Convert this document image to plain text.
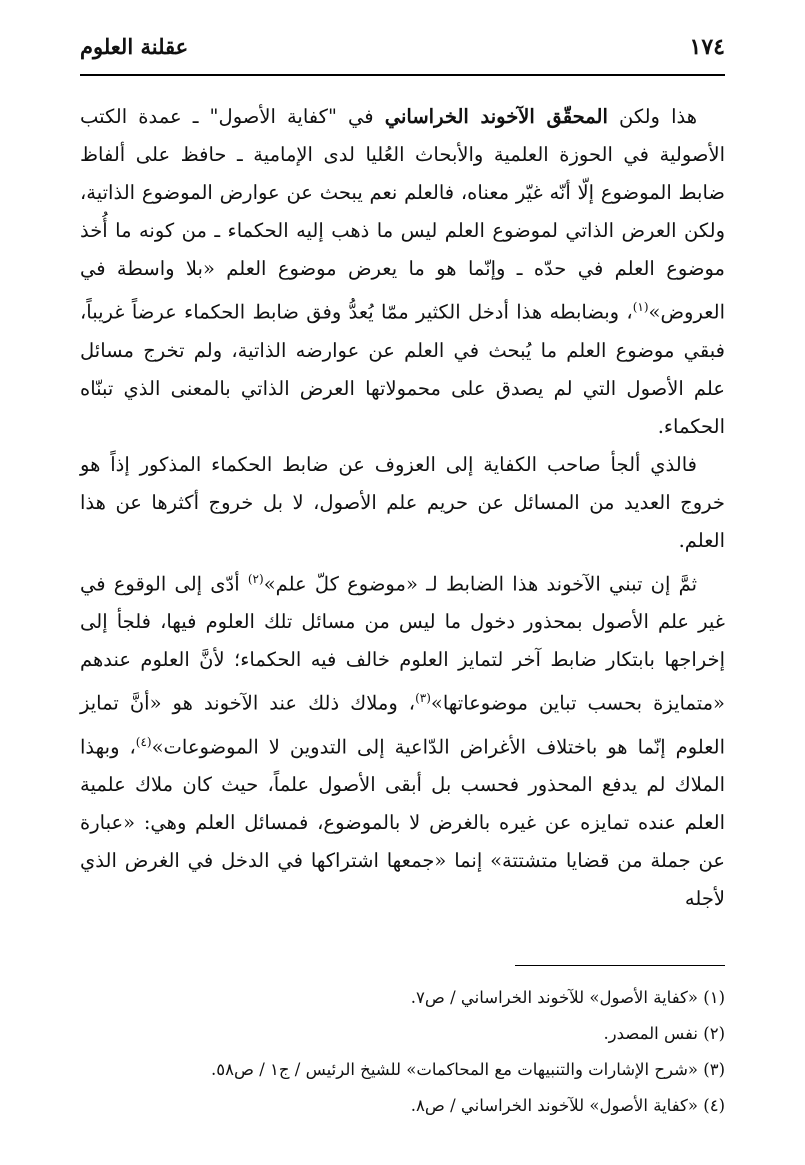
١٧٤
عقلنة العلوم

هذا ولكن المحقّق الآخوند الخراساني في "كفاية الأصول" ـ عمدة الكتب الأصولية في الحوزة العلمية والأبحاث العُليا لدى الإمامية ـ حافظ على ألفاظ ضابط الموضوع إلّا أنّه غيّر معناه، فالعلم نعم يبحث عن عوارض الموضوع الذاتية، ولكن العرض الذاتي لموضوع العلم ليس ما ذهب إليه الحكماء ـ من كونه ما أُخذ موضوع العلم في حدّه ـ وإنّما هو ما يعرض موضوع العلم «بلا واسطة في العروض»$^{(١)}$، وبضابطه هذا أدخل الكثير ممّا يُعدُّ وفق ضابط الحكماء عرضاً غريباً، فبقي موضوع العلم ما يُبحث في العلم عن عوارضه الذاتية، ولم تخرج مسائل علم الأصول التي لم يصدق على محمولاتها العرض الذاتي بالمعنى الذي تبنّاه الحكماء.

فالذي ألجأ صاحب الكفاية إلى العزوف عن ضابط الحكماء المذكور إذاً هو خروج العديد من المسائل عن حريم علم الأصول، لا بل خروج أكثرها عن هذا العلم.

ثمَّ إن تبني الآخوند هذا الضابط لـ «موضوع كلّ علم»$^{(٢)}$ أدّى إلى الوقوع في غير علم الأصول بمحذور دخول ما ليس من مسائل تلك العلوم فيها، فلجأ إلى إخراجها بابتكار ضابط آخر لتمايز العلوم خالف فيه الحكماء؛ لأنَّ العلوم عندهم «متمايزة بحسب تباين موضوعاتها»$^{(٣)}$، وملاك ذلك عند الآخوند هو «أنَّ تمايز العلوم إنّما هو باختلاف الأغراض الدّاعية إلى التدوين لا الموضوعات»$^{(٤)}$، وبهذا الملاك لم يدفع المحذور فحسب بل أبقى الأصول علماً، حيث كان ملاك علمية العلم عنده تمايزه عن غيره بالغرض لا بالموضوع، فمسائل العلم وهي: «عبارة عن جملة من قضايا متشتتة» إنما «جمعها اشتراكها في الدخل في الغرض الذي لأجله

(١) «كفاية الأصول» للآخوند الخراساني / ص٧.
(٢) نفس المصدر.
(٣) «شرح الإشارات والتنبيهات مع المحاكمات» للشيخ الرئيس / ج١ / ص٥٨.
(٤) «كفاية الأصول» للآخوند الخراساني / ص٨.
